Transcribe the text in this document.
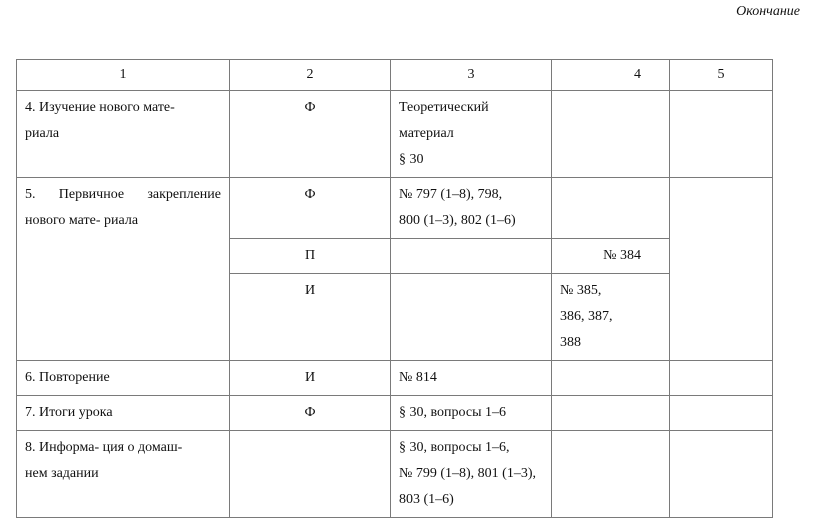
Окончание
1	2	3	4	5

4. Изучение нового мате-
риала	Ф	Теоретический материал
§ 30		

5. Первичное закрепление
нового мате- риала	Ф	№ 797 (1–8), 798,
800 (1–3), 802 (1–6)		

	П		№ 384	
	И		№ 385,
386, 387,
388	

6. Повторение	И	№ 814		
7. Итоги урока	Ф	§ 30, вопросы 1–6		

8. Информа- ция о домаш-
нем задании		§ 30, вопросы 1–6,
№ 799 (1–8), 801 (1–3),
803 (1–6)		
